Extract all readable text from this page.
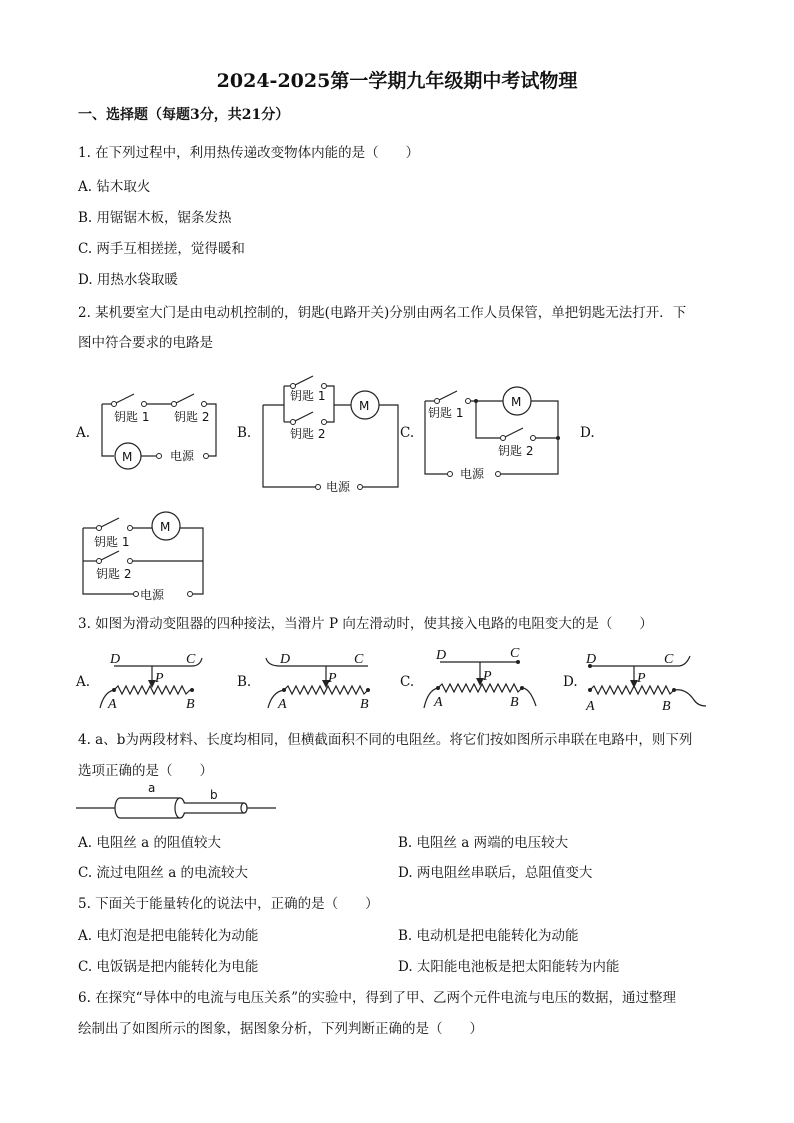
2024-2025第一学期九年级期中考试物理
一、选择题（每题3分，共21分）
1. 在下列过程中，利用热传递改变物体内能的是（　　）
A. 钻木取火
B. 用锯锯木板，锯条发热
C. 两手互相搓搓，觉得暖和
D. 用热水袋取暖
2. 某机要室大门是由电动机控制的，钥匙(电路开关)分别由两名工作人员保管，单把钥匙无法打开．下
图中符合要求的电路是
A.	B.	C.	D.
M	电源
钥匙 1 钥匙 2
电源
M
钥匙 1
钥匙 2
电源
M
钥匙 1
钥匙 2
电源
M
钥匙 1
钥匙 2
3. 如图为滑动变阻器的四种接法，当滑片 P 向左滑动时，使其接入电路的电阻变大的是（　　）
A.	B.	C.	D.
D	C
P
A	B
D	C
P
A	B
D	C
P
A	B
D	C
P
A	B
4. a、b为两段材料、长度均相同，但横截面积不同的电阻丝。将它们按如图所示串联在电路中，则下列
选项正确的是（　　）
a	b
A. 电阻丝 a 的阻值较大	B. 电阻丝 a 两端的电压较大
C. 流过电阻丝 a 的电流较大	D. 两电阻丝串联后，总阻值变大
5. 下面关于能量转化的说法中，正确的是（　　）
A. 电灯泡是把电能转化为动能	B. 电动机是把电能转化为动能
C. 电饭锅是把内能转化为电能	D. 太阳能电池板是把太阳能转为内能
6. 在探究“导体中的电流与电压关系”的实验中，得到了甲、乙两个元件电流与电压的数据，通过整理
绘制出了如图所示的图象，据图象分析，下列判断正确的是（　　）
